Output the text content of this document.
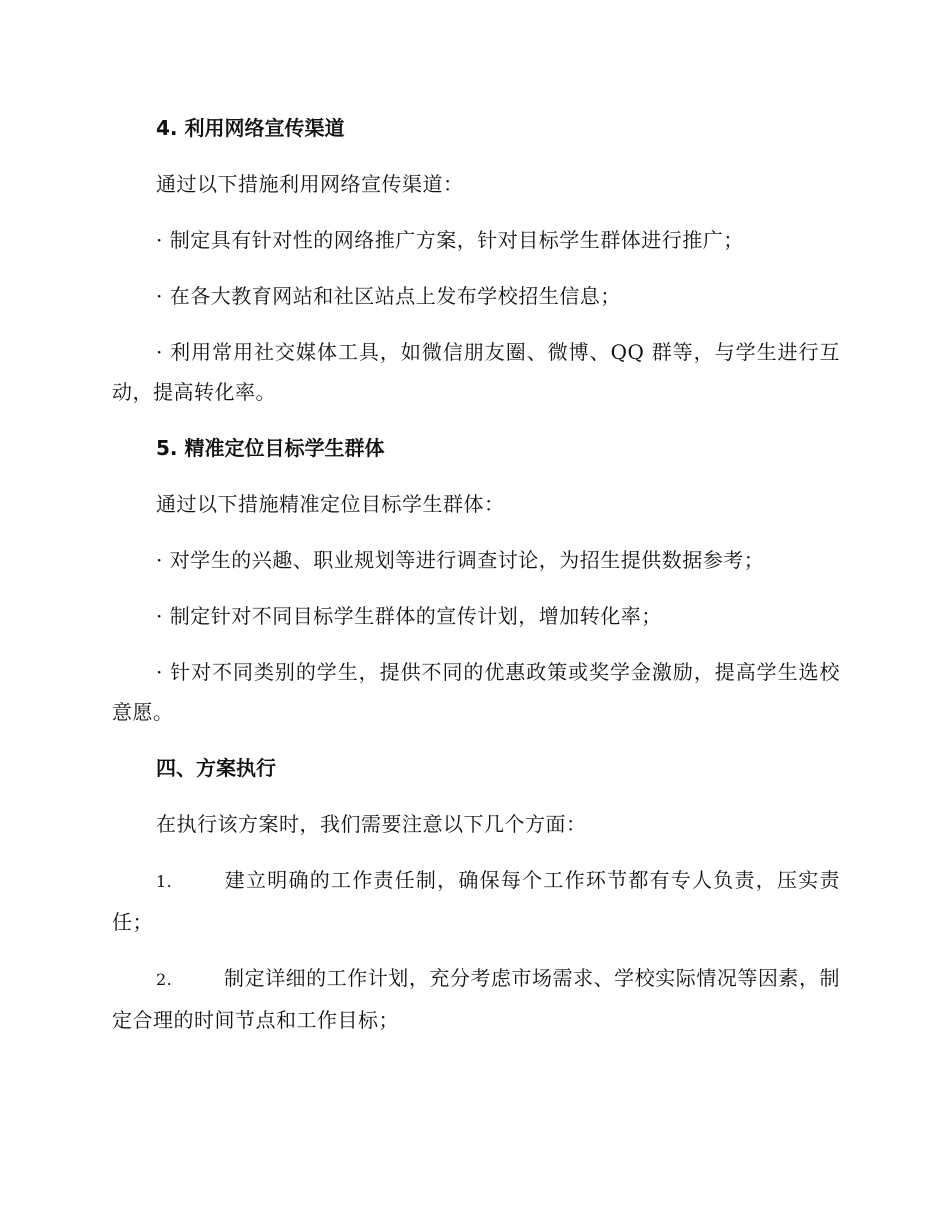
4. 利用网络宣传渠道

通过以下措施利用网络宣传渠道：

· 制定具有针对性的网络推广方案，针对目标学生群体进行推广；

· 在各大教育网站和社区站点上发布学校招生信息；

· 利用常用社交媒体工具，如微信朋友圈、微博、QQ 群等，与学生进行互动，提高转化率。

5. 精准定位目标学生群体

通过以下措施精准定位目标学生群体：

· 对学生的兴趣、职业规划等进行调查讨论，为招生提供数据参考；

· 制定针对不同目标学生群体的宣传计划，增加转化率；

· 针对不同类别的学生，提供不同的优惠政策或奖学金激励，提高学生选校意愿。

四、方案执行

在执行该方案时，我们需要注意以下几个方面：

1.	建立明确的工作责任制，确保每个工作环节都有专人负责，压实责任；

2.	制定详细的工作计划，充分考虑市场需求、学校实际情况等因素，制定合理的时间节点和工作目标；
